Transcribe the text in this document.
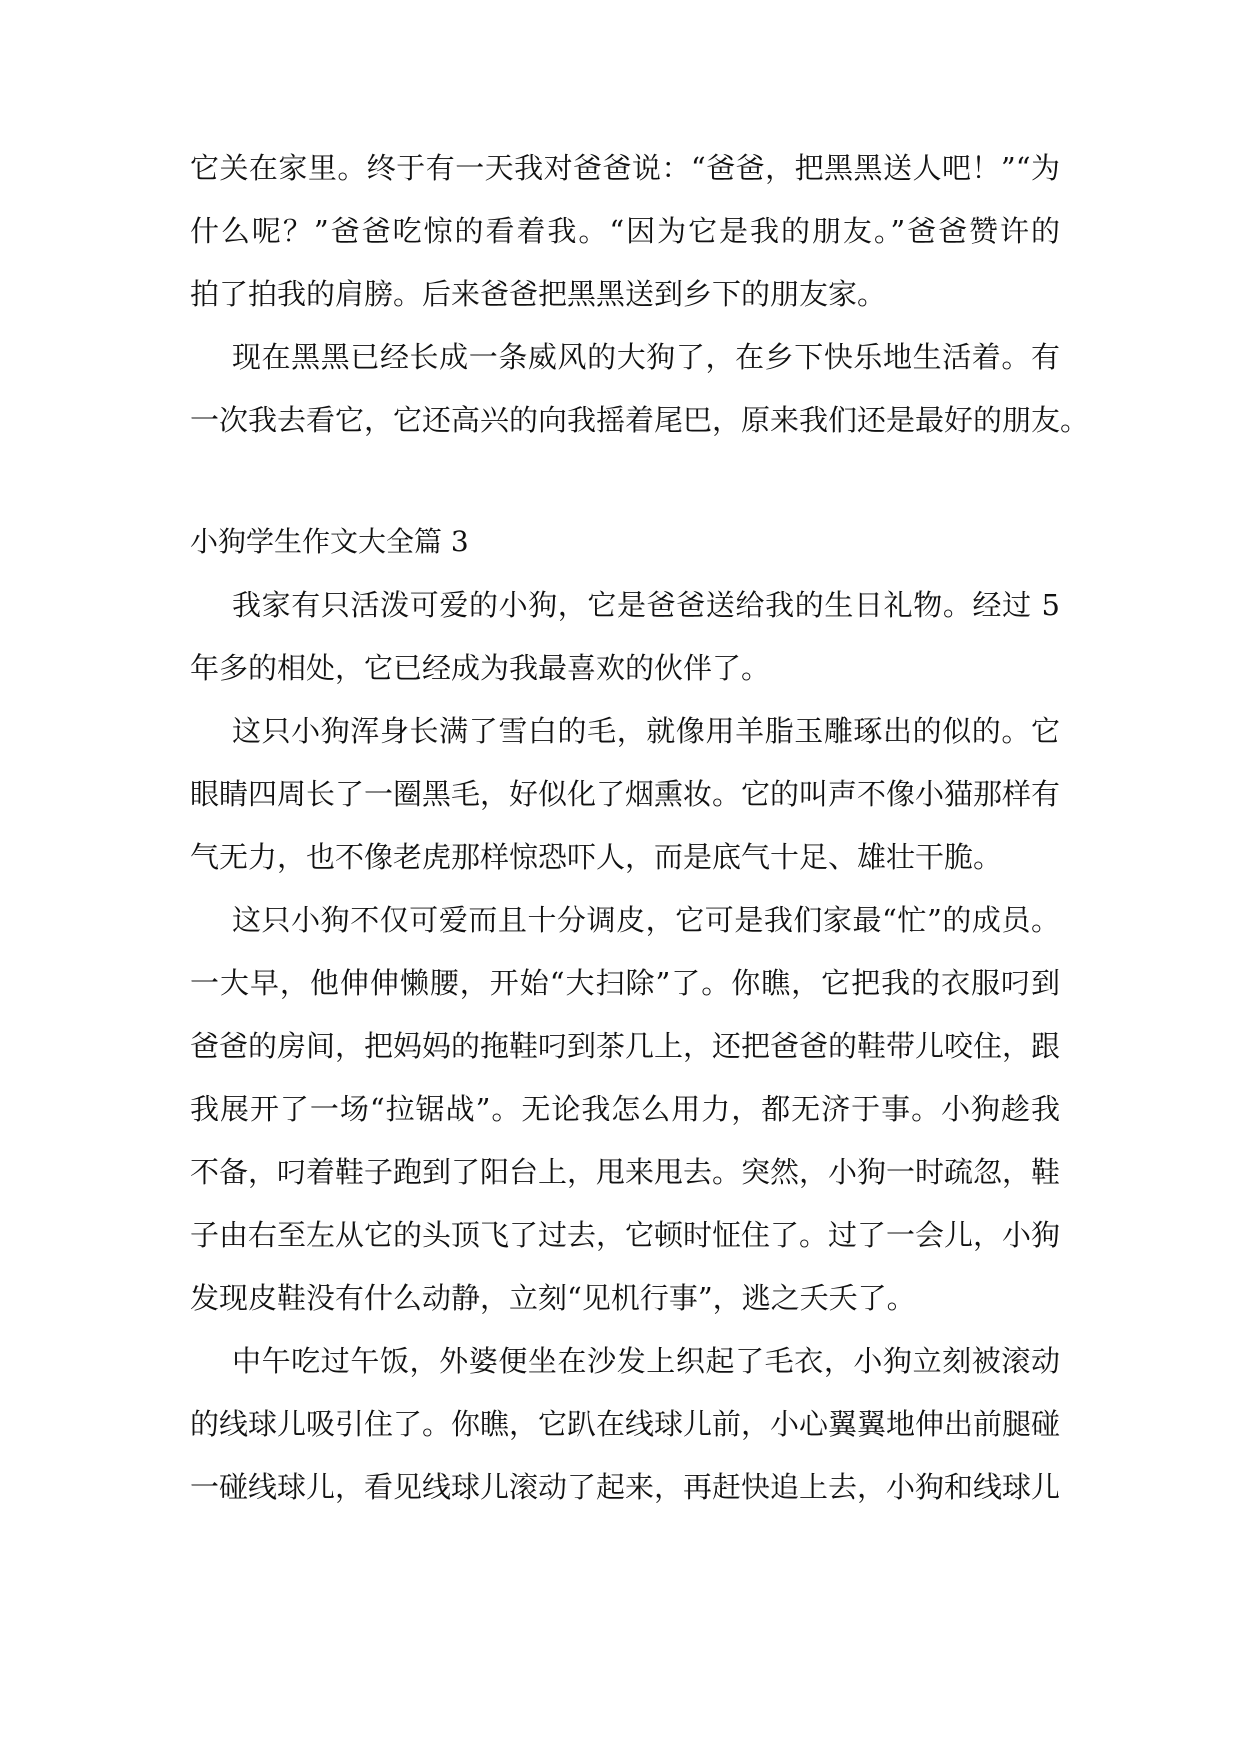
它关在家里。终于有一天我对爸爸说：“爸爸，把黑黑送人吧！”“为
什么呢？”爸爸吃惊的看着我。“因为它是我的朋友。”爸爸赞许的
拍了拍我的肩膀。后来爸爸把黑黑送到乡下的朋友家。
现在黑黑已经长成一条威风的大狗了，在乡下快乐地生活着。有
一次我去看它，它还高兴的向我摇着尾巴，原来我们还是最好的朋友。
小狗学生作文大全篇 3
我家有只活泼可爱的小狗，它是爸爸送给我的生日礼物。经过 5
年多的相处，它已经成为我最喜欢的伙伴了。
这只小狗浑身长满了雪白的毛，就像用羊脂玉雕琢出的似的。它
眼睛四周长了一圈黑毛，好似化了烟熏妆。它的叫声不像小猫那样有
气无力，也不像老虎那样惊恐吓人，而是底气十足、雄壮干脆。
这只小狗不仅可爱而且十分调皮，它可是我们家最“忙”的成员。
一大早，他伸伸懒腰，开始“大扫除”了。你瞧，它把我的衣服叼到
爸爸的房间，把妈妈的拖鞋叼到茶几上，还把爸爸的鞋带儿咬住，跟
我展开了一场“拉锯战”。无论我怎么用力，都无济于事。小狗趁我
不备，叼着鞋子跑到了阳台上，甩来甩去。突然，小狗一时疏忽，鞋
子由右至左从它的头顶飞了过去，它顿时怔住了。过了一会儿，小狗
发现皮鞋没有什么动静，立刻“见机行事”，逃之夭夭了。
中午吃过午饭，外婆便坐在沙发上织起了毛衣，小狗立刻被滚动
的线球儿吸引住了。你瞧，它趴在线球儿前，小心翼翼地伸出前腿碰
一碰线球儿，看见线球儿滚动了起来，再赶快追上去，小狗和线球儿
